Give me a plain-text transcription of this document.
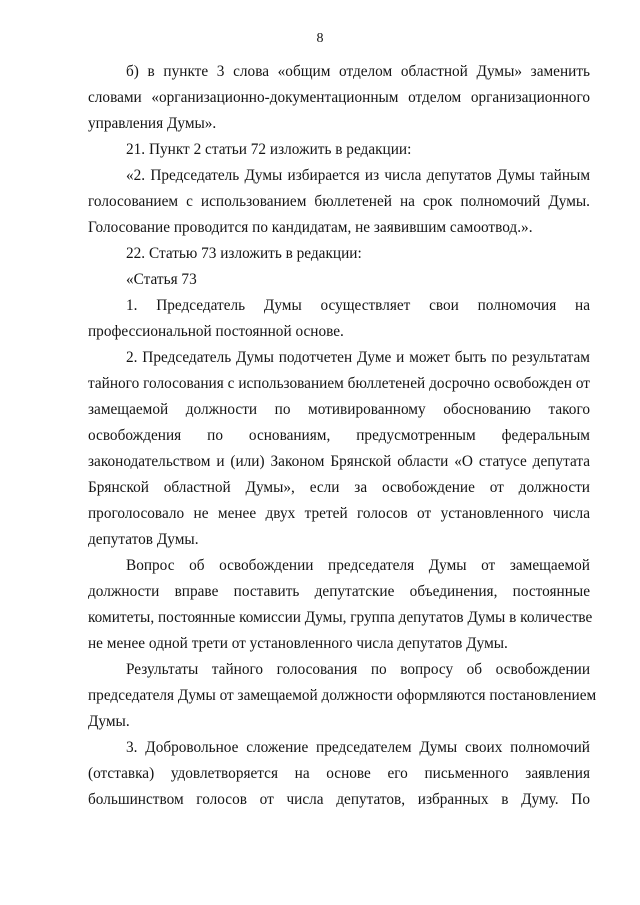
8
б) в пункте 3 слова «общим отделом областной Думы» заменить
словами «организационно-документационным отделом организационного
управления Думы».
21. Пункт 2 статьи 72 изложить в редакции:
«2. Председатель Думы избирается из числа депутатов Думы тайным
голосованием с использованием бюллетеней на срок полномочий Думы.
Голосование проводится по кандидатам, не заявившим самоотвод.».
22. Статью 73 изложить в редакции:
«Статья 73
1. Председатель Думы осуществляет свои полномочия на
профессиональной постоянной основе.
2. Председатель Думы подотчетен Думе и может быть по результатам
тайного голосования с использованием бюллетеней досрочно освобожден от
замещаемой должности по мотивированному обоснованию такого
освобождения по основаниям, предусмотренным федеральным
законодательством и (или) Законом Брянской области «О статусе депутата
Брянской областной Думы», если за освобождение от должности
проголосовало не менее двух третей голосов от установленного числа
депутатов Думы.
Вопрос об освобождении председателя Думы от замещаемой
должности вправе поставить депутатские объединения, постоянные
комитеты, постоянные комиссии Думы, группа депутатов Думы в количестве
не менее одной трети от установленного числа депутатов Думы.
Результаты тайного голосования по вопросу об освобождении
председателя Думы от замещаемой должности оформляются постановлением
Думы.
3. Добровольное сложение председателем Думы своих полномочий
(отставка) удовлетворяется на основе его письменного заявления
большинством голосов от числа депутатов, избранных в Думу. По
